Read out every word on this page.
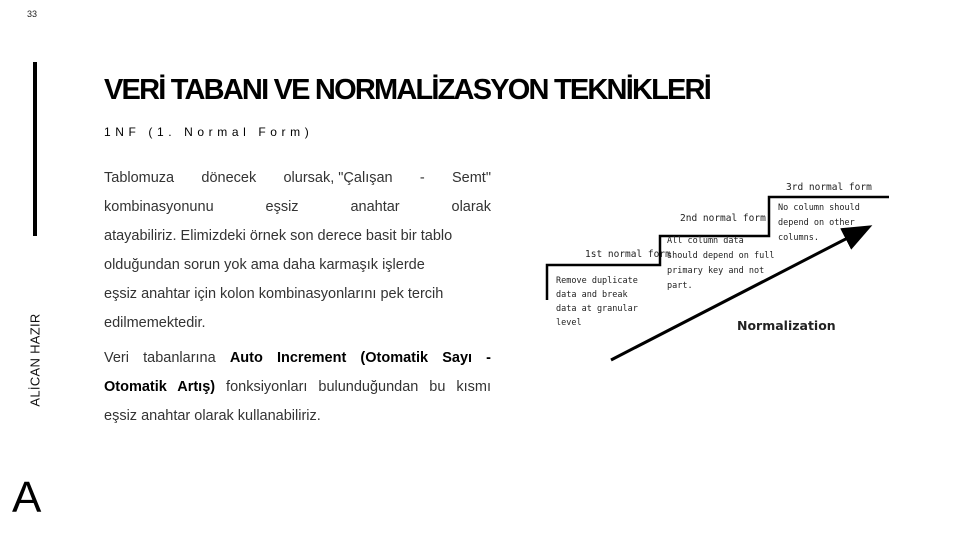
33
ALİCAN HAZIR
A
VERİ TABANI VE NORMALİZASYON TEKNİKLERİ
1NF (1. Normal Form)

Tablomuza dönecek olursak, "Çalışan - Semt"
kombinasyonunu	eşsiz	anahtar	olarak
atayabiliriz. Elimizdeki örnek son derece basit bir tablo
olduğundan sorun yok ama daha karmaşık işlerde
eşsiz anahtar için kolon kombinasyonlarını pek tercih
edilmemektedir.

Veri tabanlarına Auto Increment (Otomatik Sayı - Otomatik Artış) fonksiyonları bulunduğundan bu kısmı eşsiz anahtar olarak kullanabiliriz.

1st normal form
Remove duplicate
data and break
data at granular
level
2nd normal form
All column data
should depend on full
primary key and not
part.
3rd normal form
No column should
depend on other
columns.
Normalization
